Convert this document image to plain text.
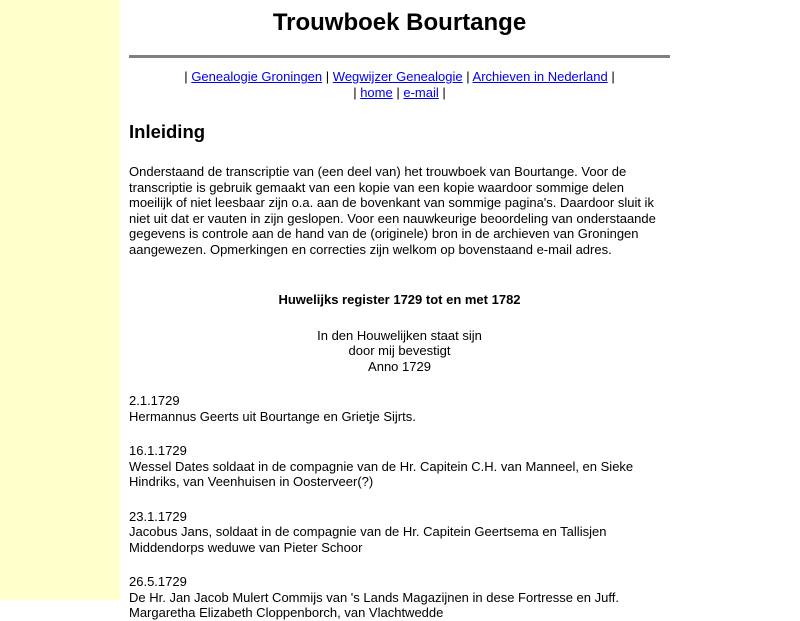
Trouwboek Bourtange
| Genealogie Groningen | Wegwijzer Genealogie | Archieven in Nederland |
| home | e-mail |
Inleiding

Onderstaand de transcriptie van (een deel van) het trouwboek van Bourtange. Voor de transcriptie is gebruik gemaakt van een kopie van een kopie waardoor sommige delen moeilijk of niet leesbaar zijn o.a. aan de bovenkant van sommige pagina's. Daardoor sluit ik niet uit dat er vauten in zijn geslopen. Voor een nauwkeurige beoordeling van onderstaande gegevens is controle aan de hand van de (originele) bron in de archieven van Groningen aangewezen. Opmerkingen en correcties zijn welkom op bovenstaand e-mail adres.

Huwelijks register 1729 tot en met 1782

In den Houwelijken staat sijn
door mij bevestigt
Anno 1729
2.1.1729
Hermannus Geerts uit Bourtange en Grietje Sijrts.
16.1.1729
Wessel Dates soldaat in de compagnie van de Hr. Capitein C.H. van Manneel, en Sieke Hindriks, van Veenhuisen in Oosterveer(?)
23.1.1729
Jacobus Jans, soldaat in de compagnie van de Hr. Capitein Geertsema en Tallisjen Middendorps weduwe van Pieter Schoor
26.5.1729
De Hr. Jan Jacob Mulert Commijs van 's Lands Magazijnen in dese Fortresse en Juff. Margaretha Elizabeth Cloppenborch, van Vlachtwedde
